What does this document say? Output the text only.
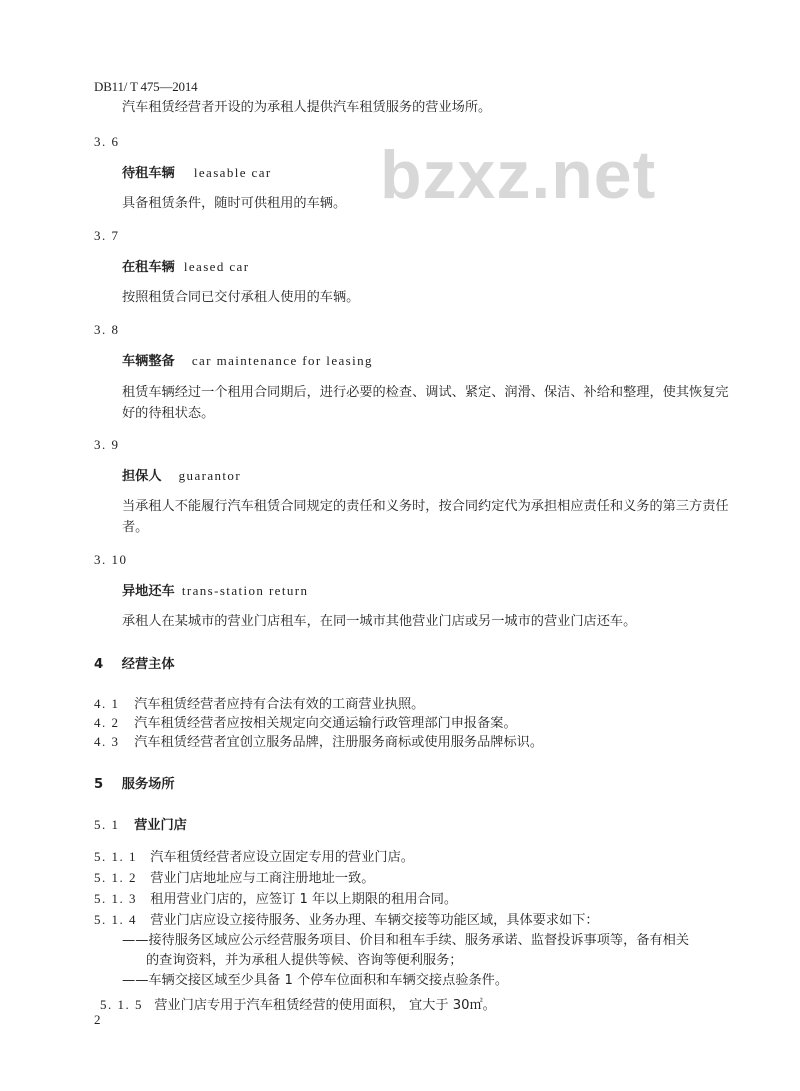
DB11/ T 475—2014
bzxz.net
汽车租赁经营者开设的为承租人提供汽车租赁服务的营业场所。
3. 6
待租车辆 leasable car
具备租赁条件，随时可供租用的车辆。
3. 7
在租车辆 leased car
按照租赁合同已交付承租人使用的车辆。
3. 8
车辆整备 car maintenance for leasing
租赁车辆经过一个租用合同期后，进行必要的检查、调试、紧定、润滑、保洁、补给和整理，使其恢复完好的待租状态。
3. 9
担保人 guarantor
当承租人不能履行汽车租赁合同规定的责任和义务时，按合同约定代为承担相应责任和义务的第三方责任者。
3. 10
异地还车 trans-station return
承租人在某城市的营业门店租车，在同一城市其他营业门店或另一城市的营业门店还车。
4 经营主体
4. 1 汽车租赁经营者应持有合法有效的工商营业执照。
4. 2 汽车租赁经营者应按相关规定向交通运输行政管理部门申报备案。
4. 3 汽车租赁经营者宜创立服务品牌，注册服务商标或使用服务品牌标识。
5 服务场所
5. 1 营业门店
5. 1. 1 汽车租赁经营者应设立固定专用的营业门店。
5. 1. 2 营业门店地址应与工商注册地址一致。
5. 1. 3 租用营业门店的，应签订 1 年以上期限的租用合同。
5. 1. 4 营业门店应设立接待服务、业务办理、车辆交接等功能区域，具体要求如下：
——接待服务区域应公示经营服务项目、价目和租车手续、服务承诺、监督投诉事项等，备有相关
的查询资料，并为承租人提供等候、咨询等便利服务；
——车辆交接区域至少具备 1 个停车位面积和车辆交接点验条件。
5. 1. 5 营业门店专用于汽车租赁经营的使用面积， 宜大于 30㎡。
2
